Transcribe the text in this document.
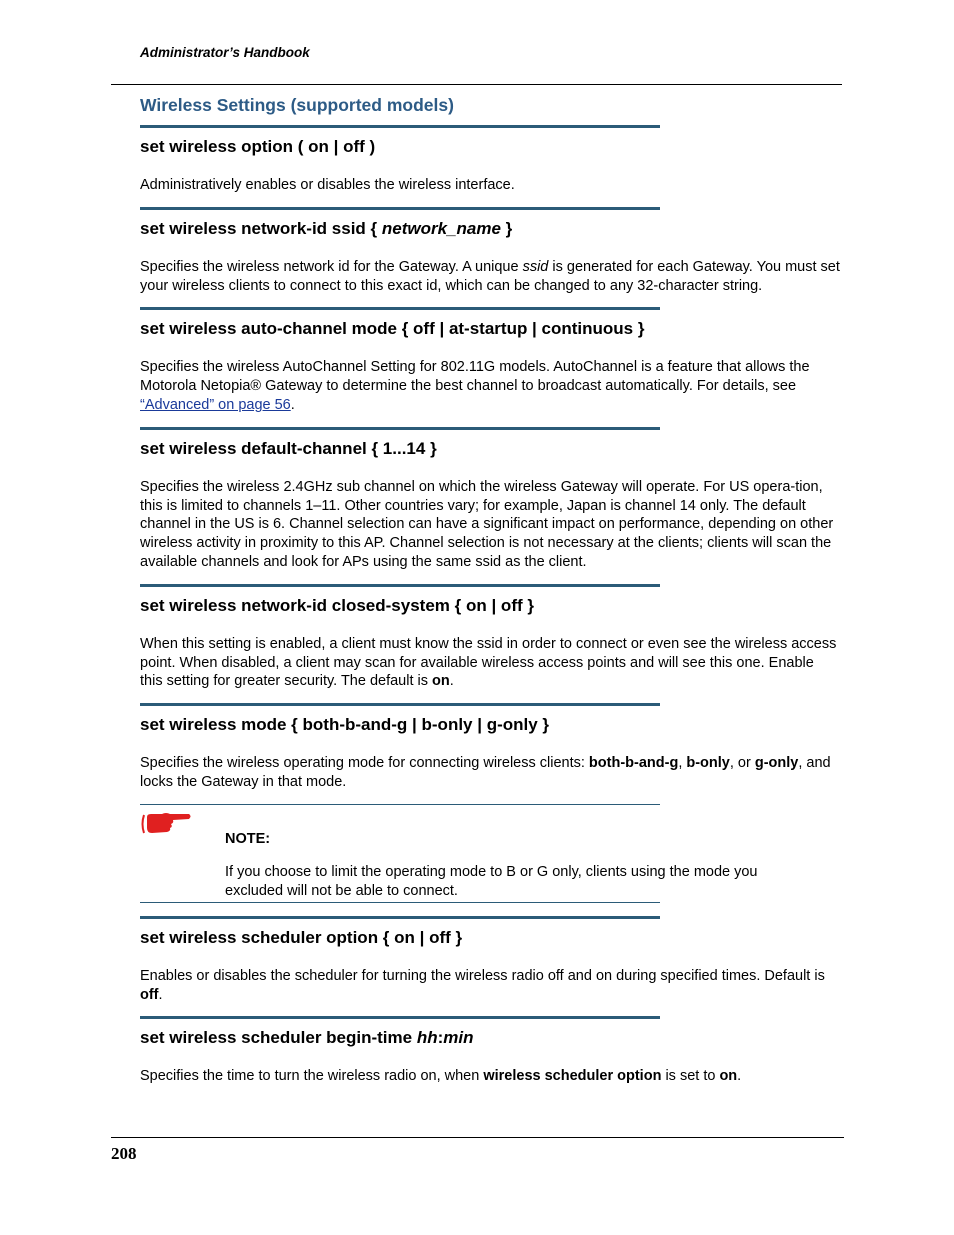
Administrator’s Handbook
Wireless Settings (supported models)
set wireless option ( on | off )

Administratively enables or disables the wireless interface.

set wireless network-id ssid { network_name }

Specifies the wireless network id for the Gateway. A unique ssid is generated for each Gateway. You must set your wireless clients to connect to this exact id, which can be changed to any 32-character string.

set wireless auto-channel mode { off | at-startup | continuous }

Specifies the wireless AutoChannel Setting for 802.11G models. AutoChannel is a feature that allows the Motorola Netopia® Gateway to determine the best channel to broadcast automatically. For details, see “Advanced” on page 56.

set wireless default-channel { 1...14 }

Specifies the wireless 2.4GHz sub channel on which the wireless Gateway will operate. For US opera-tion, this is limited to channels 1–11. Other countries vary; for example, Japan is channel 14 only. The default channel in the US is 6. Channel selection can have a significant impact on performance, depending on other wireless activity in proximity to this AP. Channel selection is not necessary at the clients; clients will scan the available channels and look for APs using the same ssid as the client.

set wireless network-id closed-system { on | off }

When this setting is enabled, a client must know the ssid in order to connect or even see the wireless access point. When disabled, a client may scan for available wireless access points and will see this one. Enable this setting for greater security. The default is on.

set wireless mode { both-b-and-g | b-only | g-only }

Specifies the wireless operating mode for connecting wireless clients: both-b-and-g, b-only, or g-only, and locks the Gateway in that mode.

NOTE:
If you choose to limit the operating mode to B or G only, clients using the mode you excluded will not be able to connect.
set wireless scheduler option { on | off }

Enables or disables the scheduler for turning the wireless radio off and on during specified times. Default is off.

set wireless scheduler begin-time hh:min

Specifies the time to turn the wireless radio on, when wireless scheduler option is set to on.

208
